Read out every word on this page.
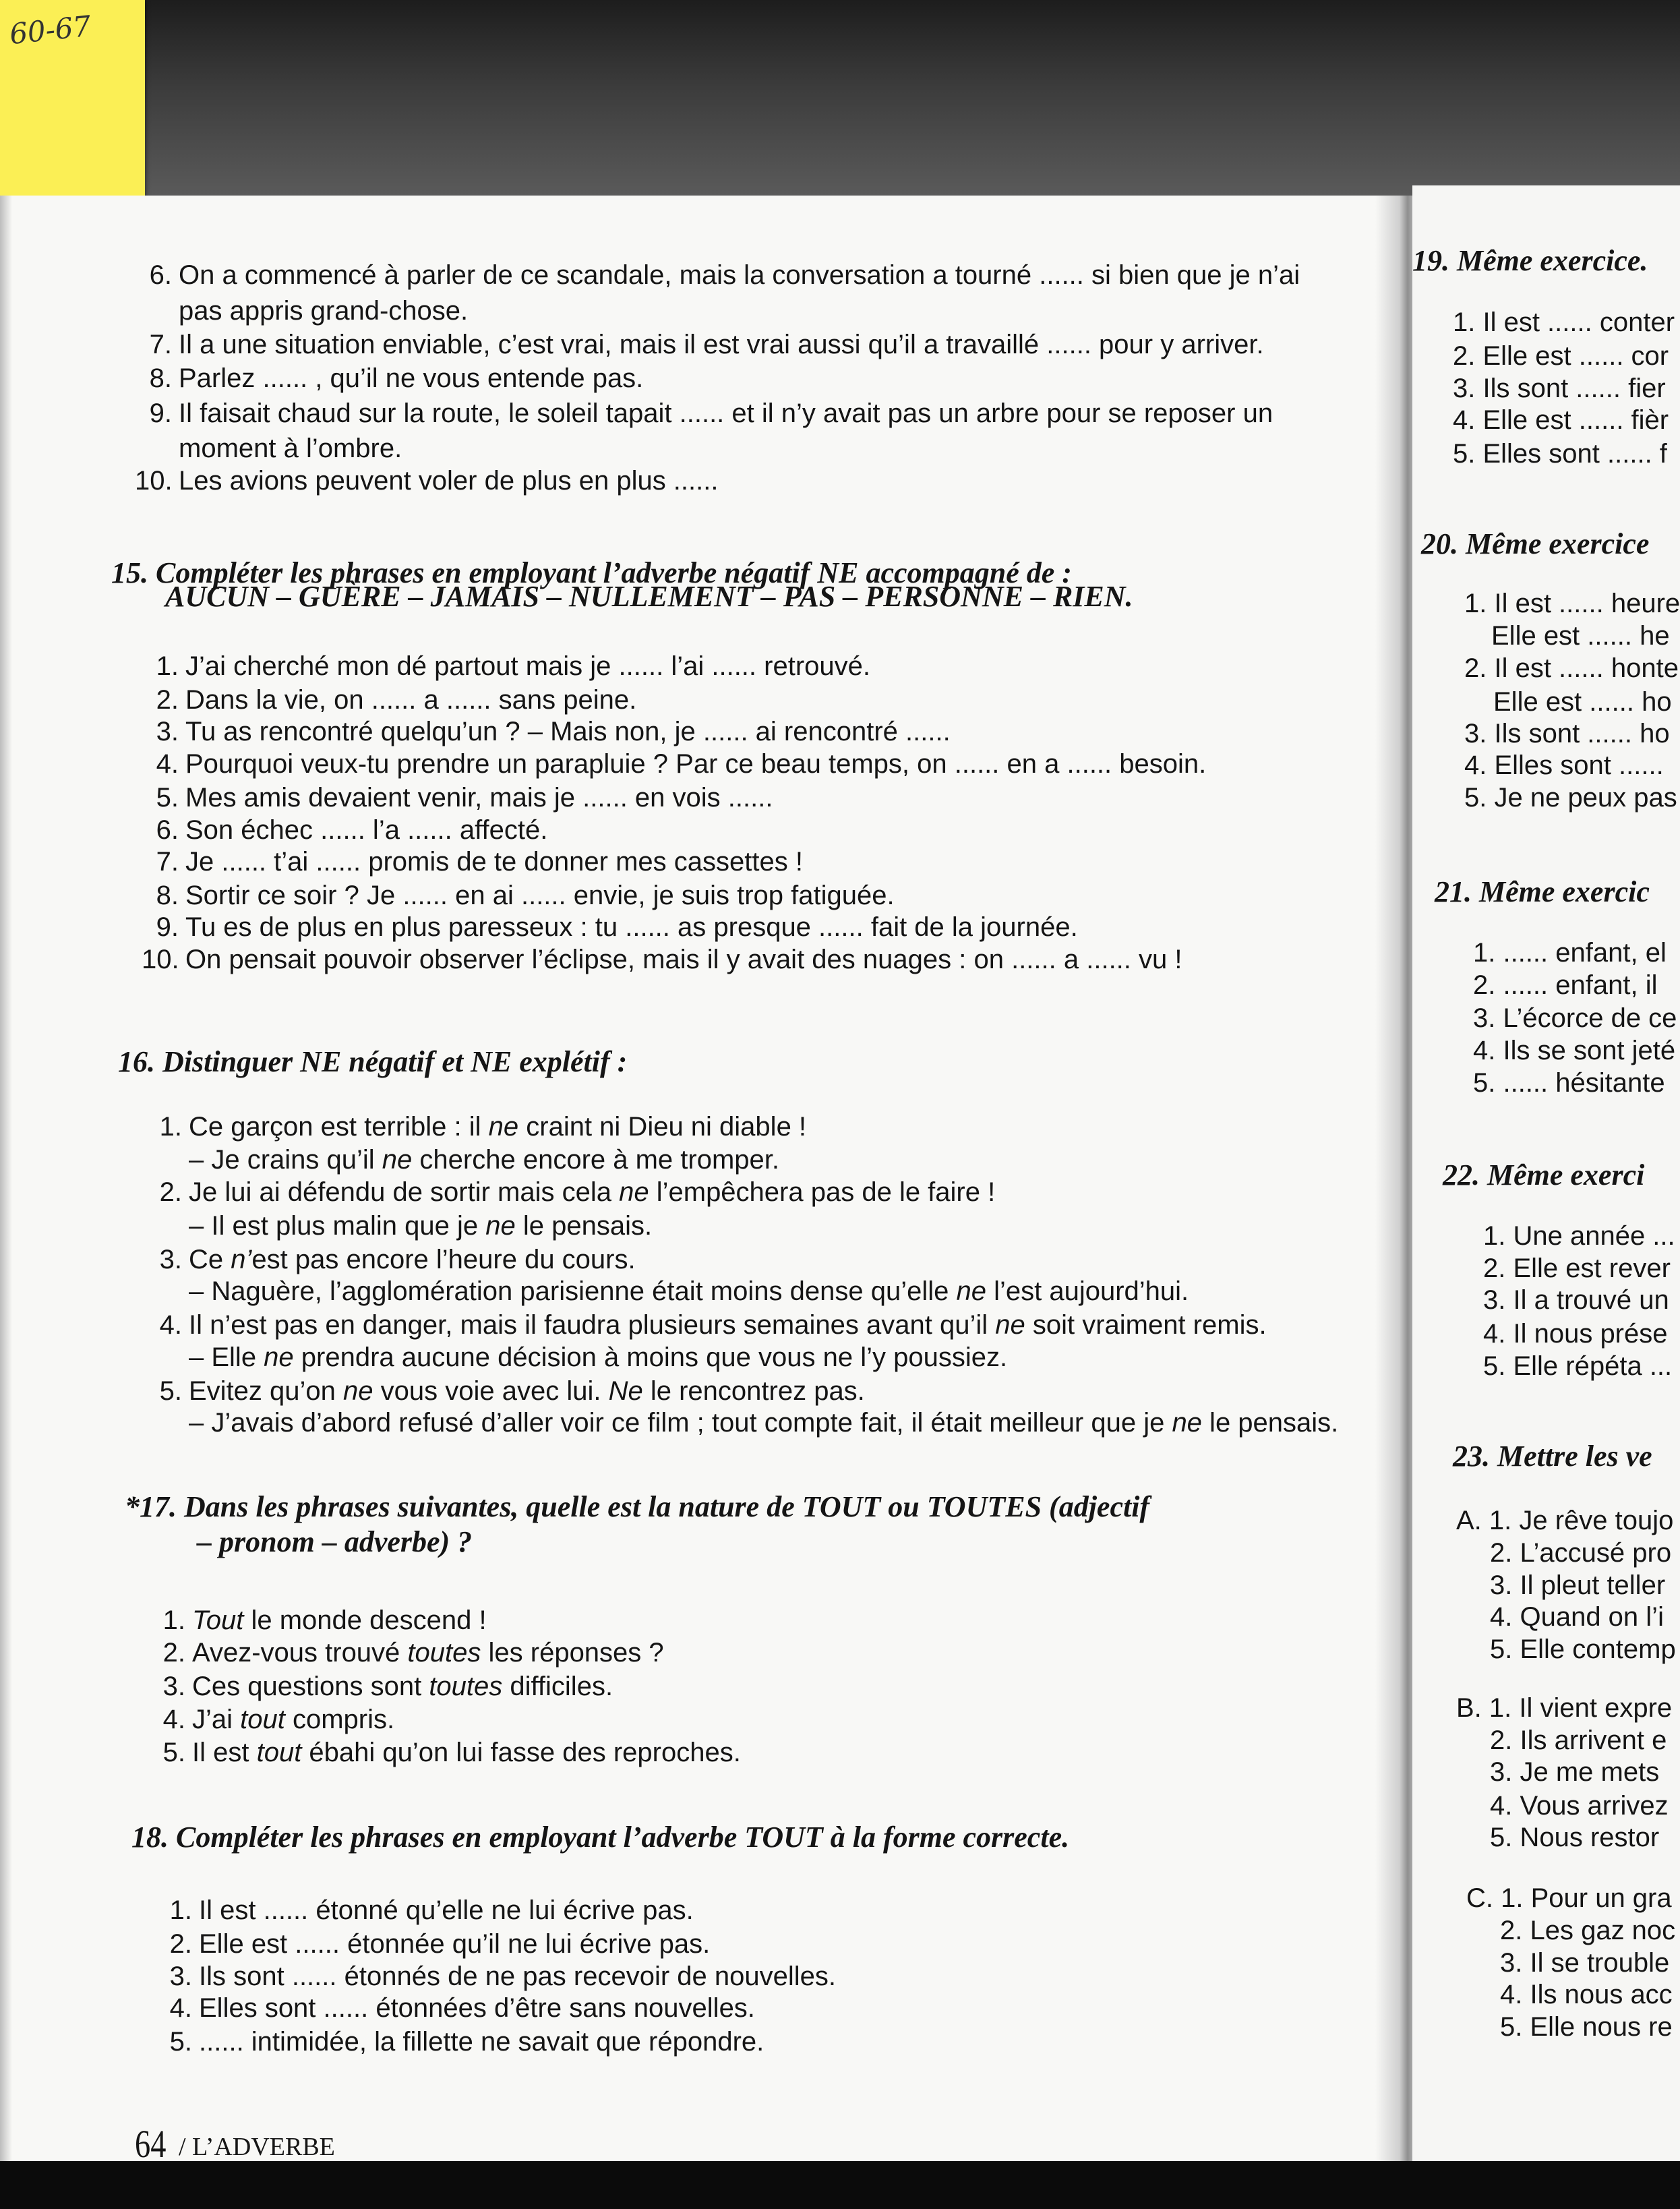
60-67
64 / L’ADVERBE
6. On a commencé à parler de ce scandale, mais la conversation a tourné ...... si bien que je n’ai
pas appris grand-chose.
7. Il a une situation enviable, c’est vrai, mais il est vrai aussi qu’il a travaillé ...... pour y arriver.
8. Parlez ...... , qu’il ne vous entende pas.
9. Il faisait chaud sur la route, le soleil tapait ...... et il n’y avait pas un arbre pour se reposer un
moment à l’ombre.
10. Les avions peuvent voler de plus en plus ......
15. Compléter les phrases en employant l’adverbe négatif NE accompagné de :
AUCUN – GUÈRE – JAMAIS – NULLEMENT – PAS – PERSONNE – RIEN.
1. J’ai cherché mon dé partout mais je ...... l’ai ...... retrouvé.
2. Dans la vie, on ...... a ...... sans peine.
3. Tu as rencontré quelqu’un ? – Mais non, je ...... ai rencontré ......
4. Pourquoi veux-tu prendre un parapluie ? Par ce beau temps, on ...... en a ...... besoin.
5. Mes amis devaient venir, mais je ...... en vois ......
6. Son échec ...... l’a ...... affecté.
7. Je ...... t’ai ...... promis de te donner mes cassettes !
8. Sortir ce soir ? Je ...... en ai ...... envie, je suis trop fatiguée.
9. Tu es de plus en plus paresseux : tu ...... as presque ...... fait de la journée.
10. On pensait pouvoir observer l’éclipse, mais il y avait des nuages : on ...... a ...... vu !
16. Distinguer NE négatif et NE explétif :
1. Ce garçon est terrible : il ne craint ni Dieu ni diable !
– Je crains qu’il ne cherche encore à me tromper.
2. Je lui ai défendu de sortir mais cela ne l’empêchera pas de le faire !
– Il est plus malin que je ne le pensais.
3. Ce n’est pas encore l’heure du cours.
– Naguère, l’agglomération parisienne était moins dense qu’elle ne l’est aujourd’hui.
4. Il n’est pas en danger, mais il faudra plusieurs semaines avant qu’il ne soit vraiment remis.
– Elle ne prendra aucune décision à moins que vous ne l’y poussiez.
5. Evitez qu’on ne vous voie avec lui. Ne le rencontrez pas.
– J’avais d’abord refusé d’aller voir ce film ; tout compte fait, il était meilleur que je ne le pensais.
*17. Dans les phrases suivantes, quelle est la nature de TOUT ou TOUTES (adjectif
– pronom – adverbe) ?
1. Tout le monde descend !
2. Avez-vous trouvé toutes les réponses ?
3. Ces questions sont toutes difficiles.
4. J’ai tout compris.
5. Il est tout ébahi qu’on lui fasse des reproches.
18. Compléter les phrases en employant l’adverbe TOUT à la forme correcte.
1. Il est ...... étonné qu’elle ne lui écrive pas.
2. Elle est ...... étonnée qu’il ne lui écrive pas.
3. Ils sont ...... étonnés de ne pas recevoir de nouvelles.
4. Elles sont ...... étonnées d’être sans nouvelles.
5. ...... intimidée, la fillette ne savait que répondre.
19. Même exercice.
1. Il est ...... conter
2. Elle est ...... cor
3. Ils sont ...... fier
4. Elle est ...... fièr
5. Elles sont ...... f
20. Même exercice
1. Il est ...... heure
Elle est ...... he
2. Il est ...... honte
Elle est ...... ho
3. Ils sont ...... ho
4. Elles sont ......
5. Je ne peux pas
21. Même exercic
1. ...... enfant, el
2. ...... enfant, il
3. L’écorce de ce
4. Ils se sont jeté
5. ...... hésitante
22. Même exerci
1. Une année ...
2. Elle est rever
3. Il a trouvé un
4. Il nous prése
5. Elle répéta ...
23. Mettre les ve
A. 1. Je rêve toujo
2. L’accusé pro
3. Il pleut teller
4. Quand on l’i
5. Elle contemp
B. 1. Il vient expre
2. Ils arrivent e
3. Je me mets
4. Vous arrivez
5. Nous restor
C. 1. Pour un gra
2. Les gaz noc
3. Il se trouble
4. Ils nous acc
5. Elle nous re
